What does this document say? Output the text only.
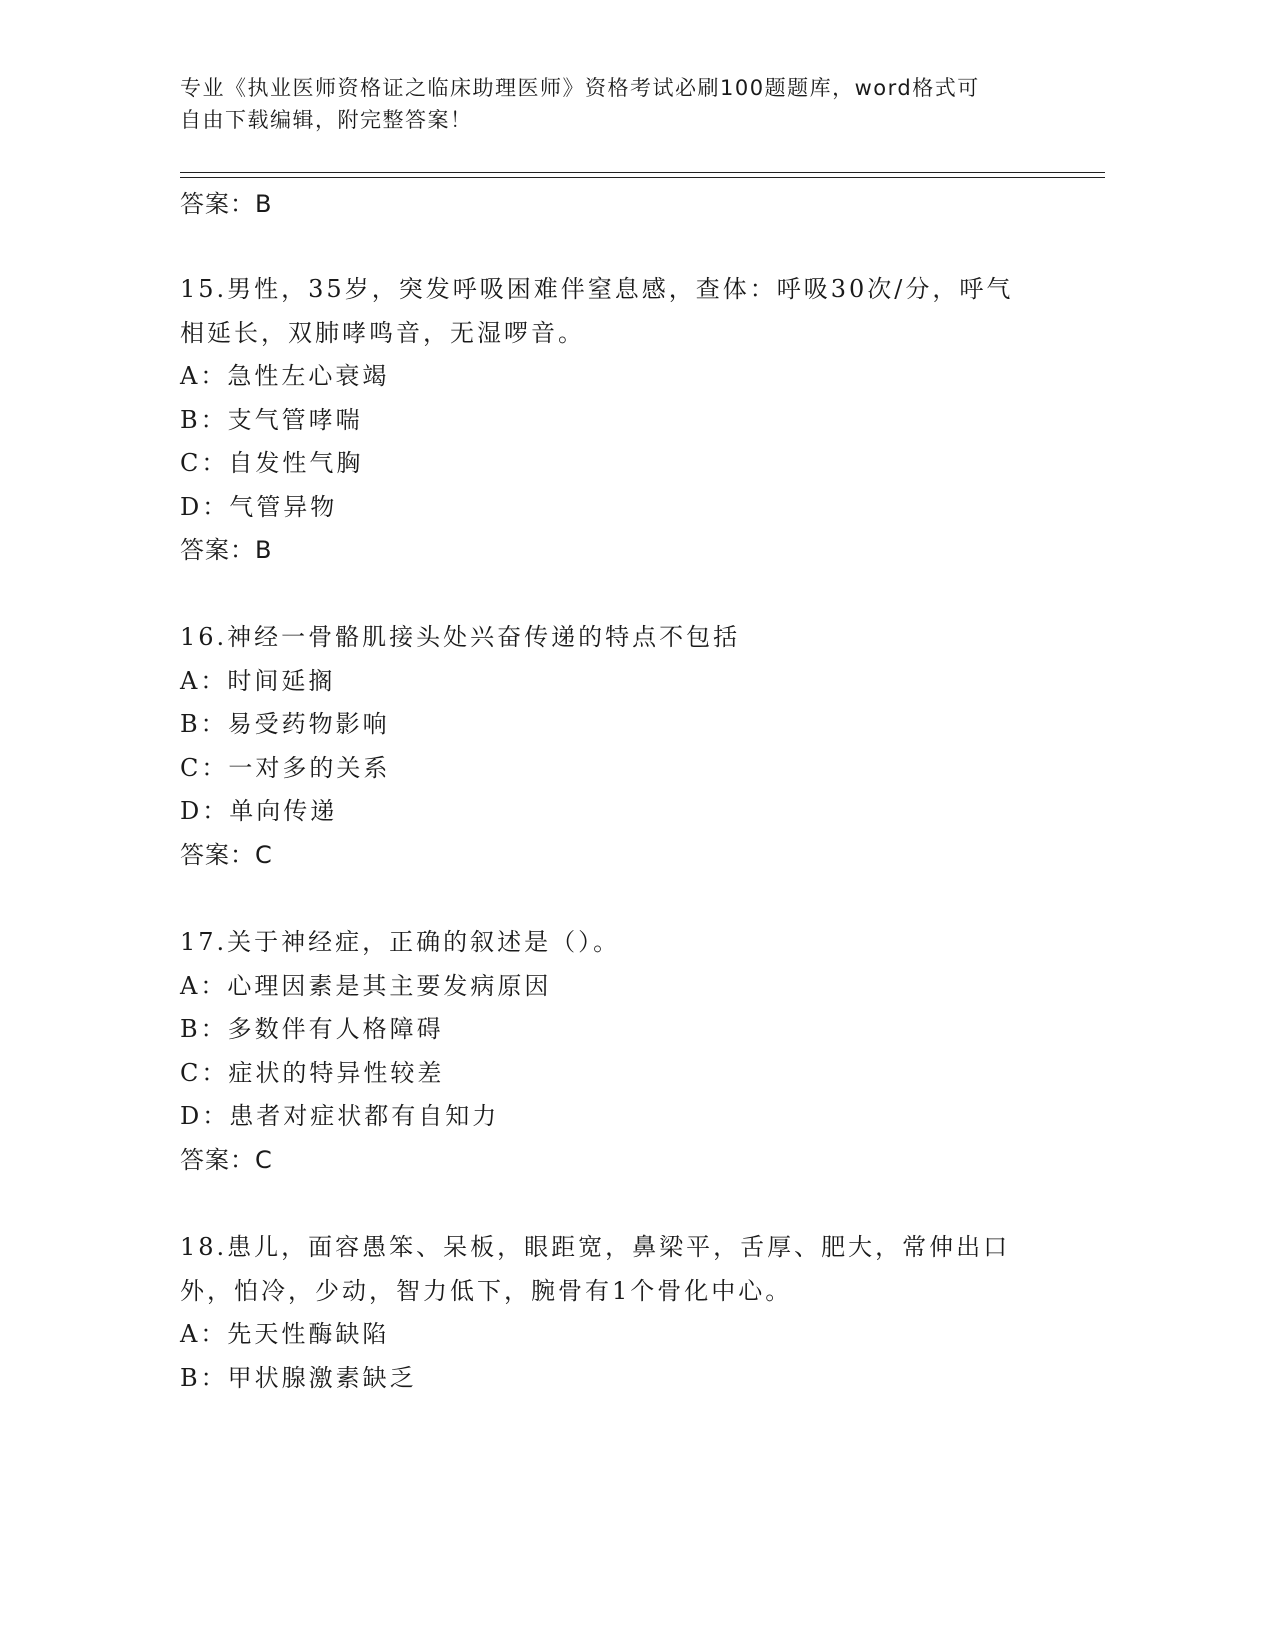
专业《执业医师资格证之临床助理医师》资格考试必刷100题题库，word格式可
自由下载编辑，附完整答案！
答案：B

15.男性，35岁，突发呼吸困难伴窒息感，查体：呼吸30次/分，呼气

相延长，双肺哮鸣音，无湿啰音。

A：急性左心衰竭

B：支气管哮喘

C：自发性气胸

D：气管异物

答案：B

16.神经一骨骼肌接头处兴奋传递的特点不包括

A：时间延搁

B：易受药物影响

C：一对多的关系

D：单向传递

答案：C

17.关于神经症，正确的叙述是（）。

A：心理因素是其主要发病原因

B：多数伴有人格障碍

C：症状的特异性较差

D：患者对症状都有自知力

答案：C

18.患儿，面容愚笨、呆板，眼距宽，鼻梁平，舌厚、肥大，常伸出口

外，怕冷，少动，智力低下，腕骨有1个骨化中心。

A：先天性酶缺陷

B：甲状腺激素缺乏
